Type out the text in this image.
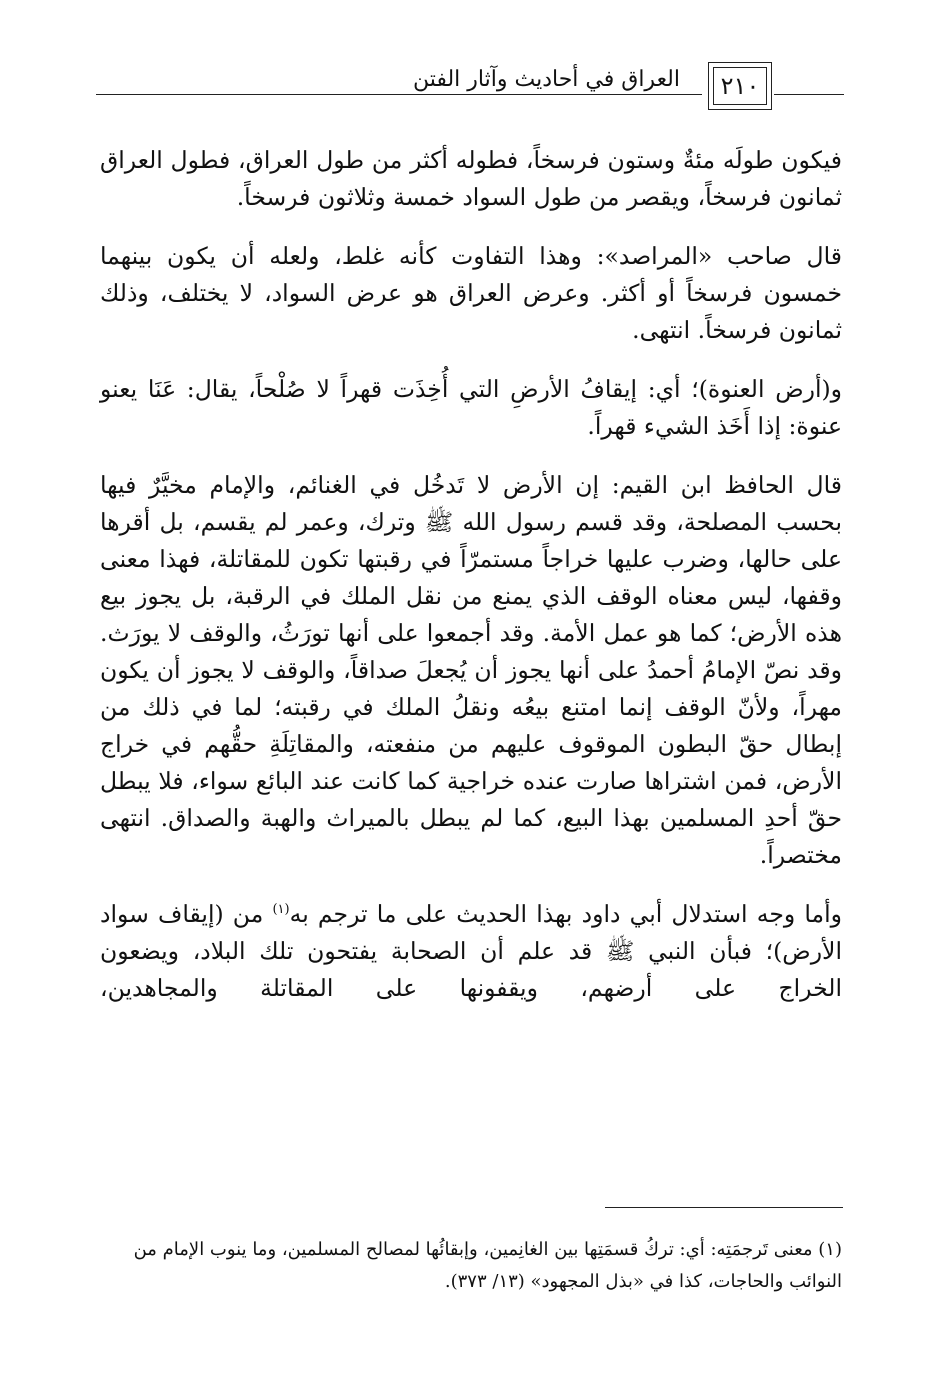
العراق في أحاديث وآثار الفتن	٢١٠

فيكون طولَه مئةٌ وستون فرسخاً، فطوله أكثر من طول العراق، فطول العراق ثمانون فرسخاً، ويقصر من طول السواد خمسة وثلاثون فرسخاً.

قال صاحب «المراصد»: وهذا التفاوت كأنه غلط، ولعله أن يكون بينهما خمسون فرسخاً أو أكثر. وعرض العراق هو عرض السواد، لا يختلف، وذلك ثمانون فرسخاً. انتهى.

و(أرض العنوة)؛ أي: إيقافُ الأرضِ التي أُخِذَت قهراً لا صُلْحاً، يقال: عَنَا يعنو عنوة: إذا أَخَذ الشيء قهراً.

قال الحافظ ابن القيم: إن الأرض لا تَدخُل في الغنائم، والإمام مخيَّرٌ فيها بحسب المصلحة، وقد قسم رسول الله ﷺ وترك، وعمر لم يقسم، بل أقرها على حالها، وضرب عليها خراجاً مستمرّاً في رقبتها تكون للمقاتلة، فهذا معنى وقفها، ليس معناه الوقف الذي يمنع من نقل الملك في الرقبة، بل يجوز بيع هذه الأرض؛ كما هو عمل الأمة. وقد أجمعوا على أنها تورَثُ، والوقف لا يورَث. وقد نصّ الإمامُ أحمدُ على أنها يجوز أن يُجعلَ صداقاً، والوقف لا يجوز أن يكون مهراً، ولأنّ الوقف إنما امتنع بيعُه ونقلُ الملك في رقبته؛ لما في ذلك من إبطال حقّ البطون الموقوف عليهم من منفعته، والمقاتِلَةِ حقُّهم في خراج الأرض، فمن اشتراها صارت عنده خراجية كما كانت عند البائع سواء، فلا يبطل حقّ أحدِ المسلمين بهذا البيع، كما لم يبطل بالميراث والهبة والصداق. انتهى مختصراً.

وأما وجه استدلال أبي داود بهذا الحديث على ما ترجم به$^{(١)}$ من (إيقاف سواد الأرض)؛ فبأن النبي ﷺ قد علم أن الصحابة يفتحون تلك البلاد، ويضعون الخراج على أرضهم، ويقفونها على المقاتلة والمجاهدين،

(١) معنى تَرجمَتِه: أي: تركُ قسمَتِها بين الغانِمين، وإبقائُها لمصالح المسلمين، وما ينوب الإمام من النوائب والحاجات، كذا في «بذل المجهود» (١٣/ ٣٧٣).
